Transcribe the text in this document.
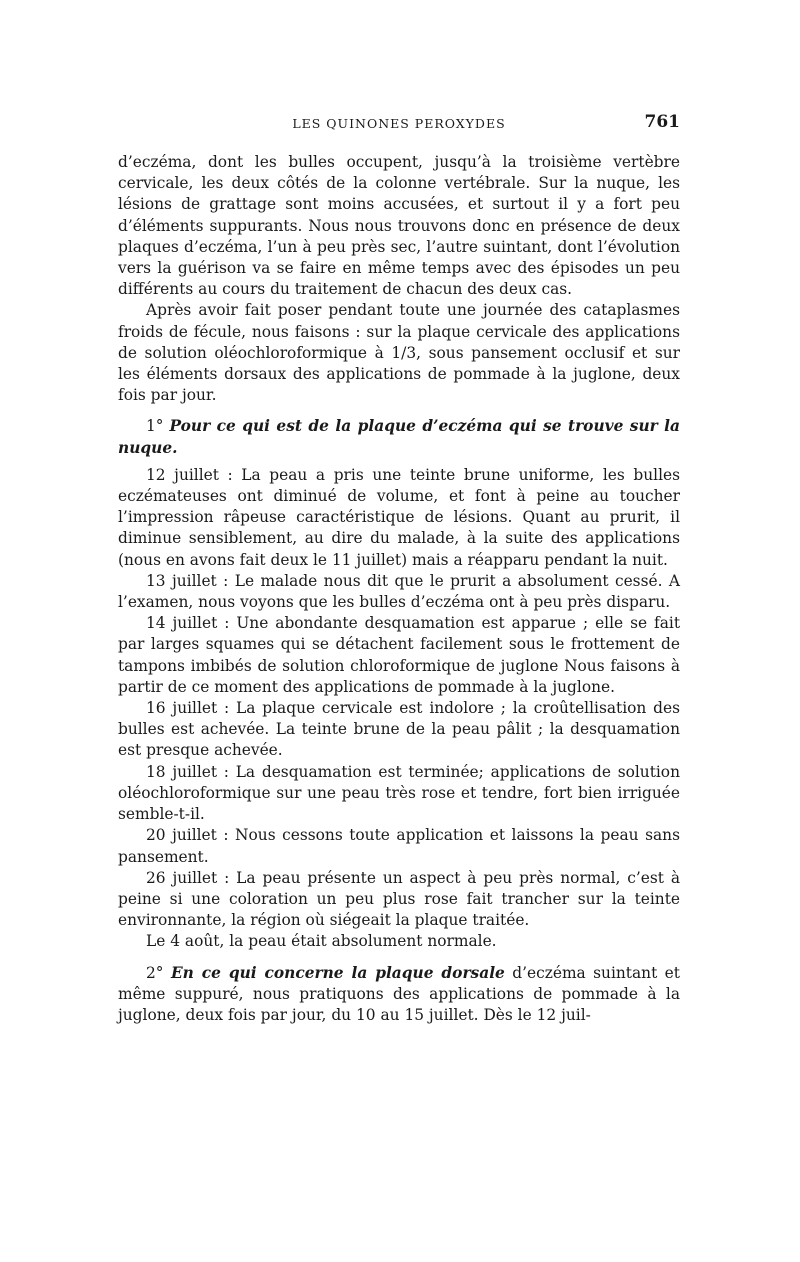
LES QUINONES PEROXYDES	761

d’eczéma, dont les bulles occupent, jusqu’à la troisième vertèbre cervicale, les deux côtés de la colonne vertébrale. Sur la nuque, les lésions de grattage sont moins accusées, et surtout il y a fort peu d’éléments suppurants. Nous nous trouvons donc en présence de deux plaques d’eczéma, l’un à peu près sec, l’autre suintant, dont l’évolution vers la guérison va se faire en même temps avec des épisodes un peu différents au cours du traitement de chacun des deux cas.

Après avoir fait poser pendant toute une journée des cataplasmes froids de fécule, nous faisons : sur la plaque cervicale des applications de solution oléochloroformique à 1/3, sous pansement occlusif et sur les éléments dorsaux des applications de pommade à la juglone, deux fois par jour.

1° Pour ce qui est de la plaque d’eczéma qui se trouve sur la nuque.

12 juillet : La peau a pris une teinte brune uniforme, les bulles eczémateuses ont diminué de volume, et font à peine au toucher l’impression râpeuse caractéristique de lésions. Quant au prurit, il diminue sensiblement, au dire du malade, à la suite des applications (nous en avons fait deux le 11 juillet) mais a réapparu pendant la nuit.

13 juillet : Le malade nous dit que le prurit a absolument cessé. A l’examen, nous voyons que les bulles d’eczéma ont à peu près disparu.

14 juillet : Une abondante desquamation est apparue ; elle se fait par larges squames qui se détachent facilement sous le frottement de tampons imbibés de solution chloroformique de juglone Nous faisons à partir de ce moment des applications de pommade à la juglone.

16 juillet : La plaque cervicale est indolore ; la croûtellisation des bulles est achevée. La teinte brune de la peau pâlit ; la desquamation est presque achevée.

18 juillet : La desquamation est terminée; applications de solution oléochloroformique sur une peau très rose et tendre, fort bien irriguée semble-t-il.

20 juillet : Nous cessons toute application et laissons la peau sans pansement.

26 juillet : La peau présente un aspect à peu près normal, c’est à peine si une coloration un peu plus rose fait trancher sur la teinte environnante, la région où siégeait la plaque traitée.

Le 4 août, la peau était absolument normale.

2° En ce qui concerne la plaque dorsale d’eczéma suintant et même suppuré, nous pratiquons des applications de pommade à la juglone, deux fois par jour, du 10 au 15 juillet. Dès le 12 juil-
